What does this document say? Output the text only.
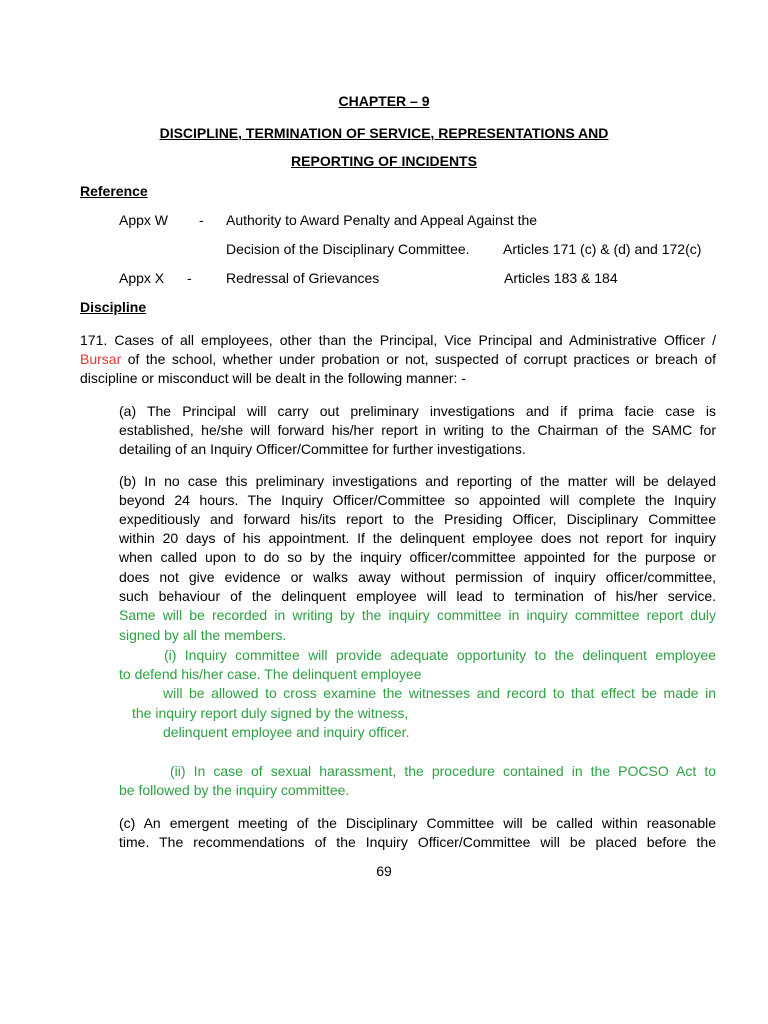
CHAPTER – 9
DISCIPLINE, TERMINATION OF SERVICE, REPRESENTATIONS AND
REPORTING OF INCIDENTS
Reference
Appx W - Authority to Award Penalty and Appeal Against the
Decision of the Disciplinary Committee. Articles 171 (c) & (d) and 172(c)
Appx X - Redressal of Grievances	Articles 183 & 184
Discipline
171. Cases of all employees, other than the Principal, Vice Principal and Administrative Officer /
Bursar of the school, whether under probation or not, suspected of corrupt practices or breach of
discipline or misconduct will be dealt in the following manner: -
(a) The Principal will carry out preliminary investigations and if prima facie case is
established, he/she will forward his/her report in writing to the Chairman of the SAMC for
detailing of an Inquiry Officer/Committee for further investigations.
(b) In no case this preliminary investigations and reporting of the matter will be delayed
beyond 24 hours. The Inquiry Officer/Committee so appointed will complete the Inquiry
expeditiously and forward his/its report to the Presiding Officer, Disciplinary Committee
within 20 days of his appointment. If the delinquent employee does not report for inquiry
when called upon to do so by the inquiry officer/committee appointed for the purpose or
does not give evidence or walks away without permission of inquiry officer/committee,
such behaviour of the delinquent employee will lead to termination of his/her service.
Same will be recorded in writing by the inquiry committee in inquiry committee report duly
signed by all the members.
(i) Inquiry committee will provide adequate opportunity to the delinquent employee
to defend his/her case. The delinquent employee
will be allowed to cross examine the witnesses and record to that effect be made in
the inquiry report duly signed by the witness,
delinquent employee and inquiry officer.
(ii) In case of sexual harassment, the procedure contained in the POCSO Act to
be followed by the inquiry committee.
(c) An emergent meeting of the Disciplinary Committee will be called within reasonable
time. The recommendations of the Inquiry Officer/Committee will be placed before the
69
